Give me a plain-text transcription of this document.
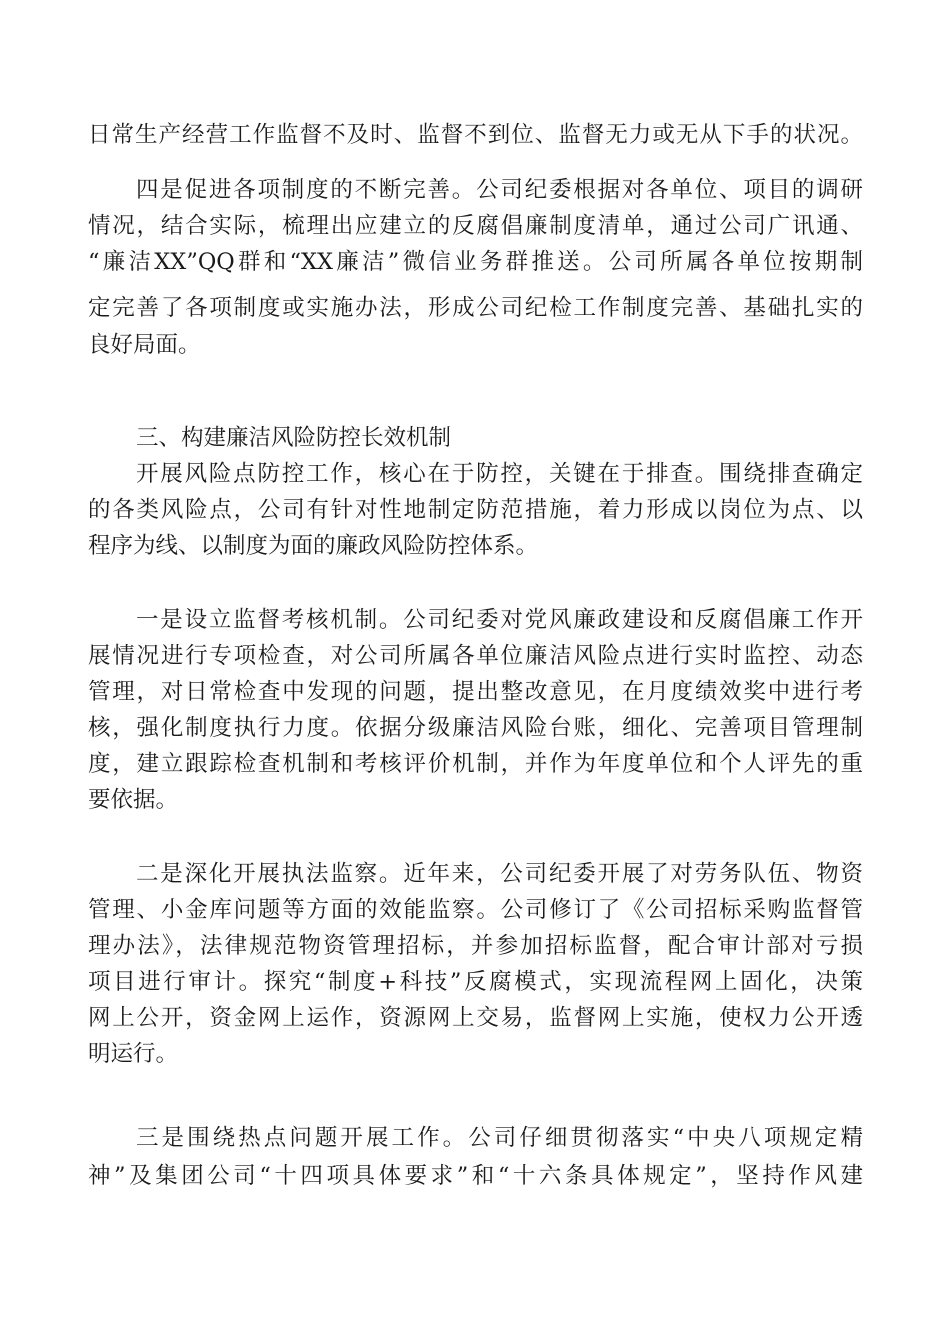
日常生产经营工作监督不及时、监督不到位、监督无力或无从下手的状况。
四是促进各项制度的不断完善。公司纪委根据对各单位、项目的调研
情况，结合实际，梳理出应建立的反腐倡廉制度清单，通过公司广讯通、
“廉洁XX”QQ群和“XX廉洁”微信业务群推送。公司所属各单位按期制
定完善了各项制度或实施办法，形成公司纪检工作制度完善、基础扎实的
良好局面。
三、构建廉洁风险防控长效机制
开展风险点防控工作，核心在于防控，关键在于排查。围绕排查确定
的各类风险点，公司有针对性地制定防范措施，着力形成以岗位为点、以
程序为线、以制度为面的廉政风险防控体系。
一是设立监督考核机制。公司纪委对党风廉政建设和反腐倡廉工作开
展情况进行专项检查，对公司所属各单位廉洁风险点进行实时监控、动态
管理，对日常检查中发现的问题，提出整改意见，在月度绩效奖中进行考
核，强化制度执行力度。依据分级廉洁风险台账，细化、完善项目管理制
度，建立跟踪检查机制和考核评价机制，并作为年度单位和个人评先的重
要依据。
二是深化开展执法监察。近年来，公司纪委开展了对劳务队伍、物资
管理、小金库问题等方面的效能监察。公司修订了《公司招标采购监督管
理办法》，法律规范物资管理招标，并参加招标监督，配合审计部对亏损
项目进行审计。探究“制度+科技”反腐模式，实现流程网上固化，决策
网上公开，资金网上运作，资源网上交易，监督网上实施，使权力公开透
明运行。
三是围绕热点问题开展工作。公司仔细贯彻落实“中央八项规定精
神”及集团公司“十四项具体要求”和“十六条具体规定”，坚持作风建
